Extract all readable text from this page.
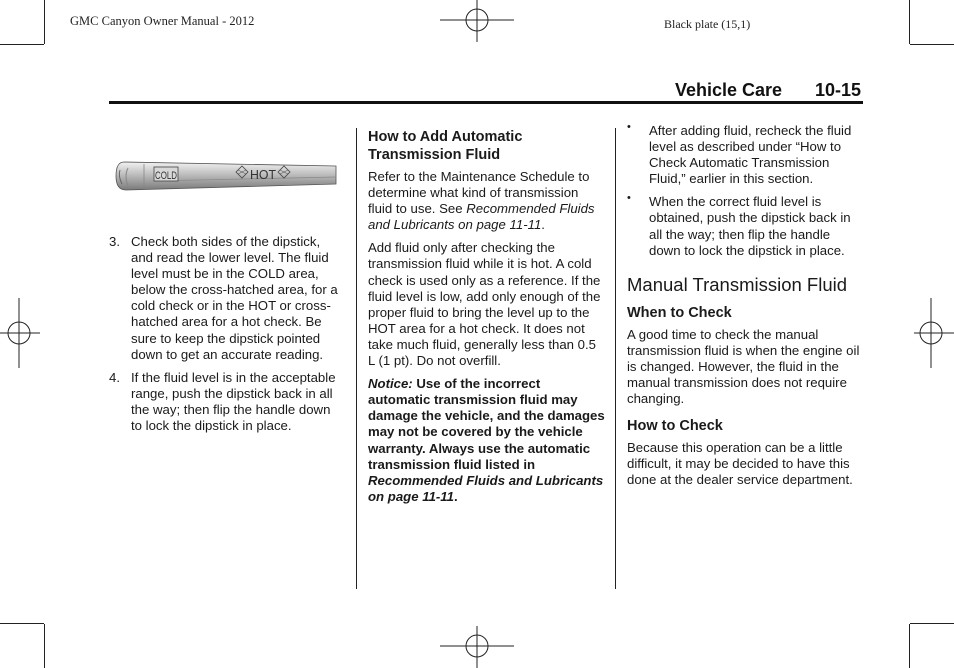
GMC Canyon Owner Manual - 2012	Black plate (15,1)
Vehicle Care 10-15
COLD	HOT
3. Check both sides of the dipstick, and read the lower level. The fluid level must be in the COLD area, below the cross-hatched area, for a cold check or in the HOT or cross-hatched area for a hot check. Be sure to keep the dipstick pointed down to get an accurate reading.
4. If the fluid level is in the acceptable range, push the dipstick back in all the way; then flip the handle down to lock the dipstick in place.
How to Add Automatic Transmission Fluid

Refer to the Maintenance Schedule to determine what kind of transmission fluid to use. See Recommended Fluids and Lubricants on page 11-11.

Add fluid only after checking the transmission fluid while it is hot. A cold check is used only as a reference. If the fluid level is low, add only enough of the proper fluid to bring the level up to the HOT area for a hot check. It does not take much fluid, generally less than 0.5 L (1 pt). Do not overfill.

Notice: Use of the incorrect automatic transmission fluid may damage the vehicle, and the damages may not be covered by the vehicle warranty. Always use the automatic transmission fluid listed in Recommended Fluids and Lubricants on page 11-11.

• After adding fluid, recheck the fluid level as described under “How to Check Automatic Transmission Fluid,” earlier in this section.
• When the correct fluid level is obtained, push the dipstick back in all the way; then flip the handle down to lock the dipstick in place.
Manual Transmission Fluid
When to Check

A good time to check the manual transmission fluid is when the engine oil is changed. However, the fluid in the manual transmission does not require changing.

How to Check

Because this operation can be a little difficult, it may be decided to have this done at the dealer service department.
